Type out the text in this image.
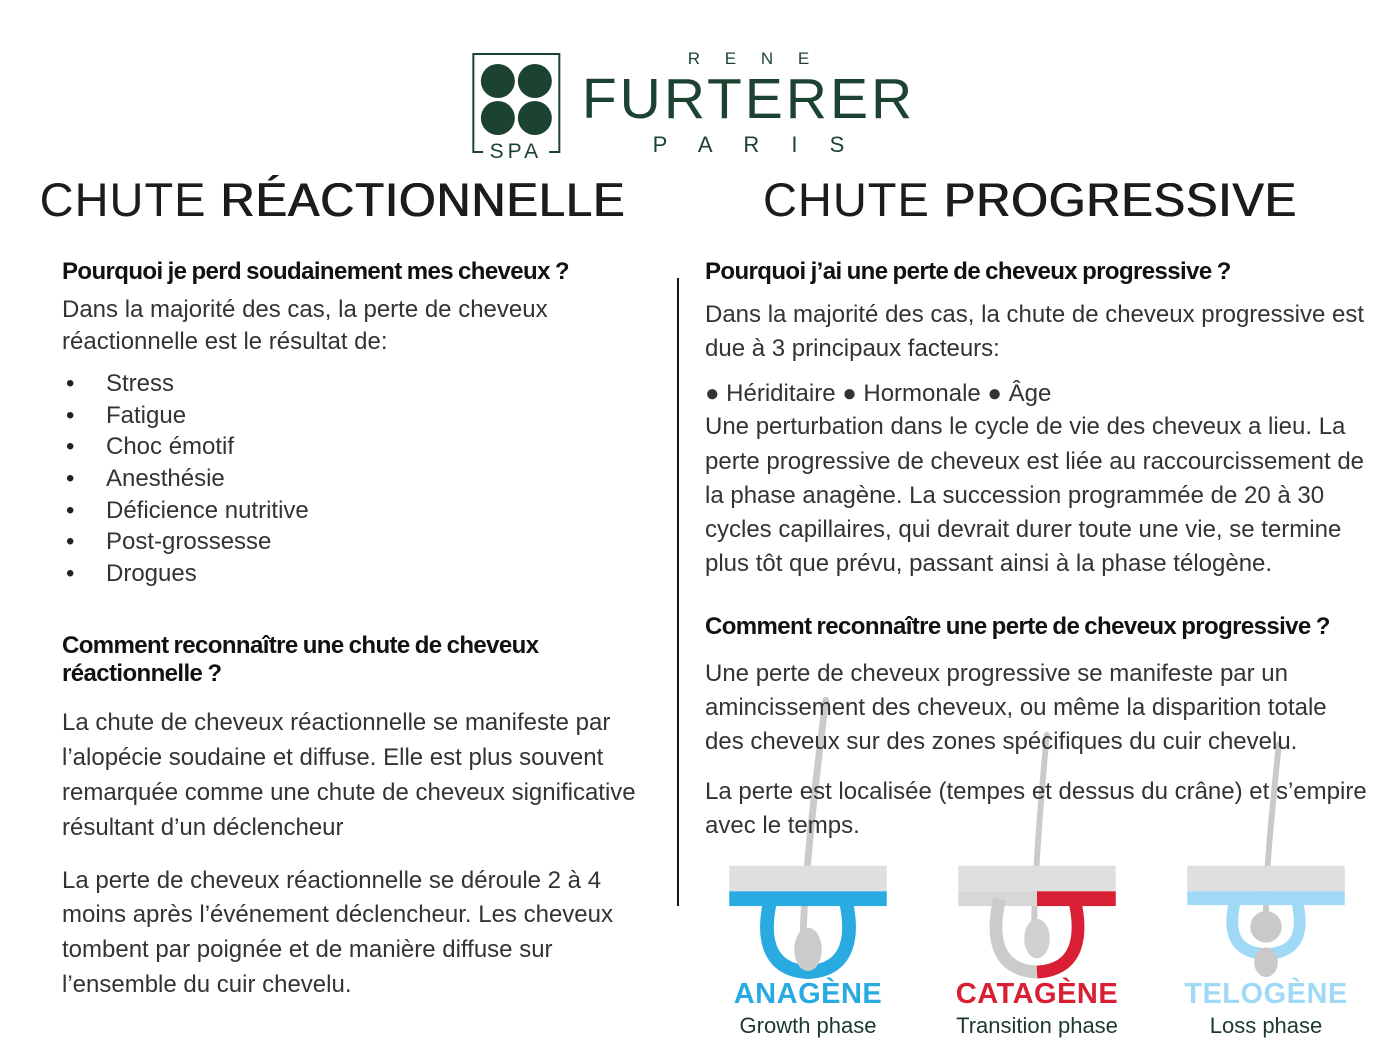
SPA
R E N E
FURTERER
P A R I S
CHUTE RÉACTIONNELLE	CHUTE PROGRESSIVE
Pourquoi je perd soudainement mes cheveux ?
Dans la majorité des cas, la perte de cheveux réactionnelle est le résultat de:
• Stress
• Fatigue
• Choc émotif
• Anesthésie
• Déficience nutritive
• Post-grossesse
• Drogues
Comment reconnaître une chute de cheveux réactionnelle ?
La chute de cheveux réactionnelle se manifeste par l’alopécie soudaine et diffuse. Elle est plus souvent remarquée comme une chute de cheveux significative résultant d’un déclencheur
La perte de cheveux réactionnelle se déroule 2 à 4 moins après l’événement déclencheur. Les cheveux tombent par poignée et de manière diffuse sur l’ensemble du cuir chevelu.
Pourquoi j’ai une perte de cheveux progressive ?
Dans la majorité des cas, la chute de cheveux progressive est due à 3 principaux facteurs:
● Hériditaire ● Hormonale ● Âge
Une perturbation dans le cycle de vie des cheveux a lieu. La perte progressive de cheveux est liée au raccourcissement de la phase anagène. La succession programmée de 20 à 30 cycles capillaires, qui devrait durer toute une vie, se termine plus tôt que prévu, passant ainsi à la phase télogène.
Comment reconnaître une perte de cheveux progressive ?
Une perte de cheveux progressive se manifeste par un amincissement des cheveux, ou même la disparition totale des cheveux sur des zones spécifiques du cuir chevelu.
La perte est localisée (tempes et dessus du crâne) et s’empire avec le temps.
ANAGÈNE
Growth phase
CATAGÈNE
Transition phase
TELOGÈNE
Loss phase
